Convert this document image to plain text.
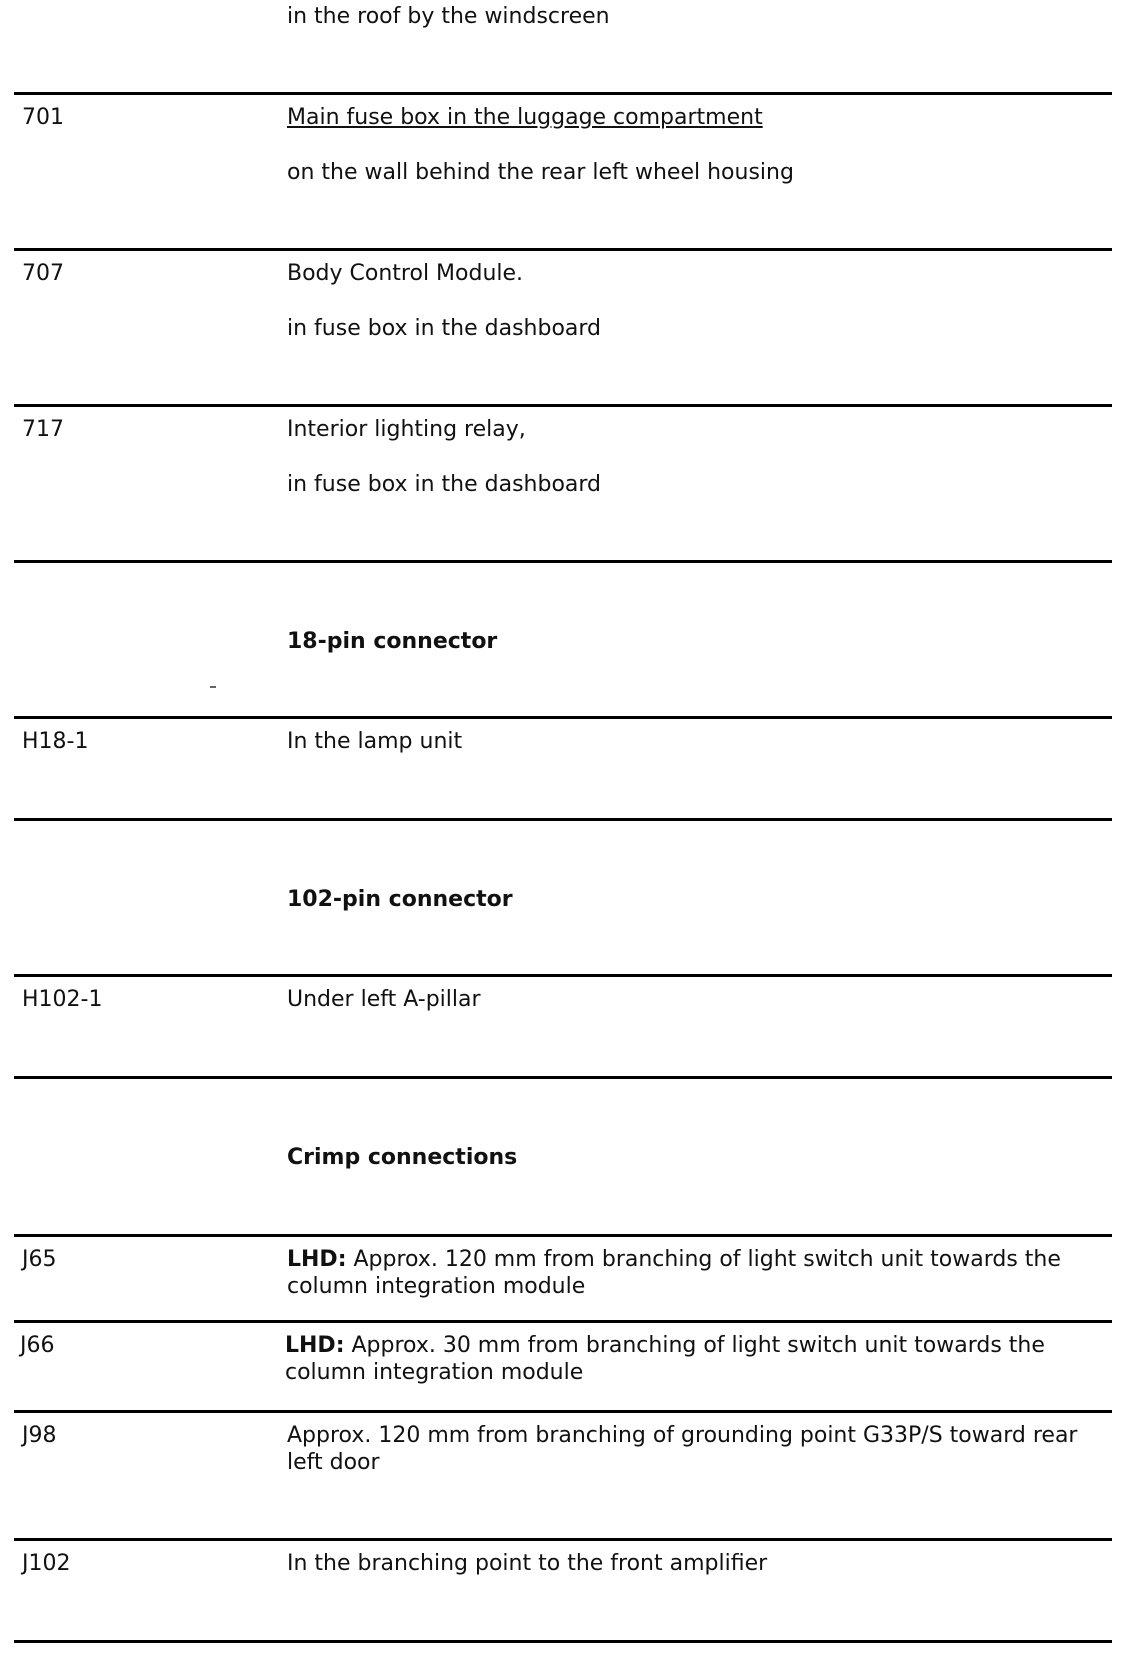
in the roof by the windscreen
701	Main fuse box in the luggage compartment
on the wall behind the rear left wheel housing
707	Body Control Module.
in fuse box in the dashboard
717	Interior lighting relay,
in fuse box in the dashboard
18-pin connector
H18-1	In the lamp unit
102-pin connector
H102-1	Under left A-pillar
Crimp connections
J65	LHD: Approx. 120 mm from branching of light switch unit towards the column integration module
J66	LHD: Approx. 30 mm from branching of light switch unit towards the column integration module
J98	Approx. 120 mm from branching of grounding point G33P/S toward rear left door
J102	In the branching point to the front amplifier
